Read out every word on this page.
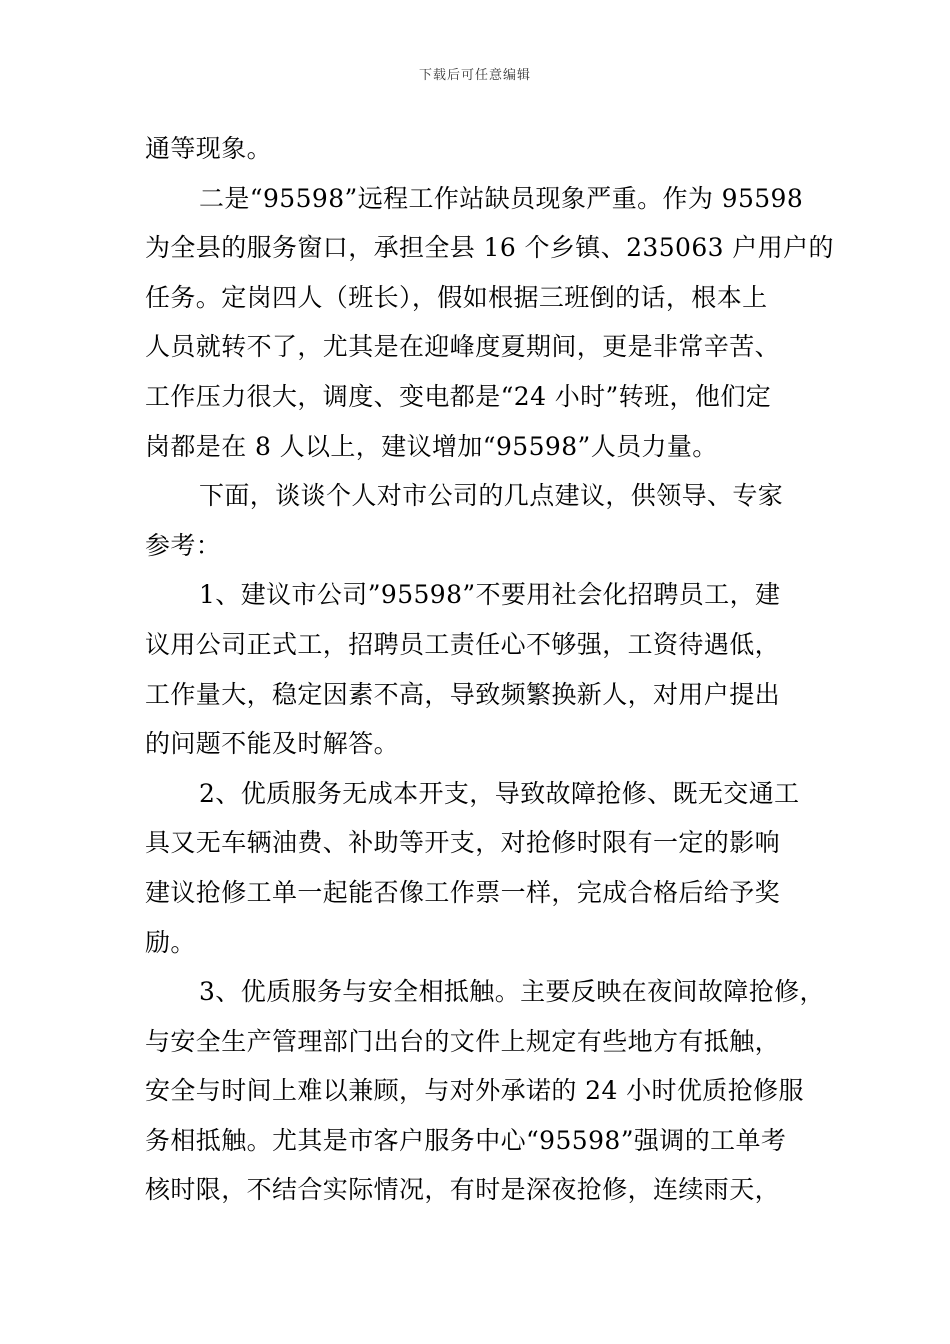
下载后可任意编辑
通等现象。
二是“95598”远程工作站缺员现象严重。作为 95598
为全县的服务窗口，承担全县 16 个乡镇、235063 户用户的
任务。定岗四人（班长），假如根据三班倒的话，根本上
人员就转不了，尤其是在迎峰度夏期间，更是非常辛苦、
工作压力很大，调度、变电都是“24 小时”转班，他们定
岗都是在 8 人以上，建议增加“95598”人员力量。
下面，谈谈个人对市公司的几点建议，供领导、专家
参考：
1、建议市公司”95598”不要用社会化招聘员工，建
议用公司正式工，招聘员工责任心不够强，工资待遇低，
工作量大，稳定因素不高，导致频繁换新人，对用户提出
的问题不能及时解答。
2、优质服务无成本开支，导致故障抢修、既无交通工
具又无车辆油费、补助等开支，对抢修时限有一定的影响
建议抢修工单一起能否像工作票一样，完成合格后给予奖
励。
3、优质服务与安全相抵触。主要反映在夜间故障抢修，
与安全生产管理部门出台的文件上规定有些地方有抵触，
安全与时间上难以兼顾，与对外承诺的 24 小时优质抢修服
务相抵触。尤其是市客户服务中心“95598”强调的工单考
核时限，不结合实际情况，有时是深夜抢修，连续雨天，
